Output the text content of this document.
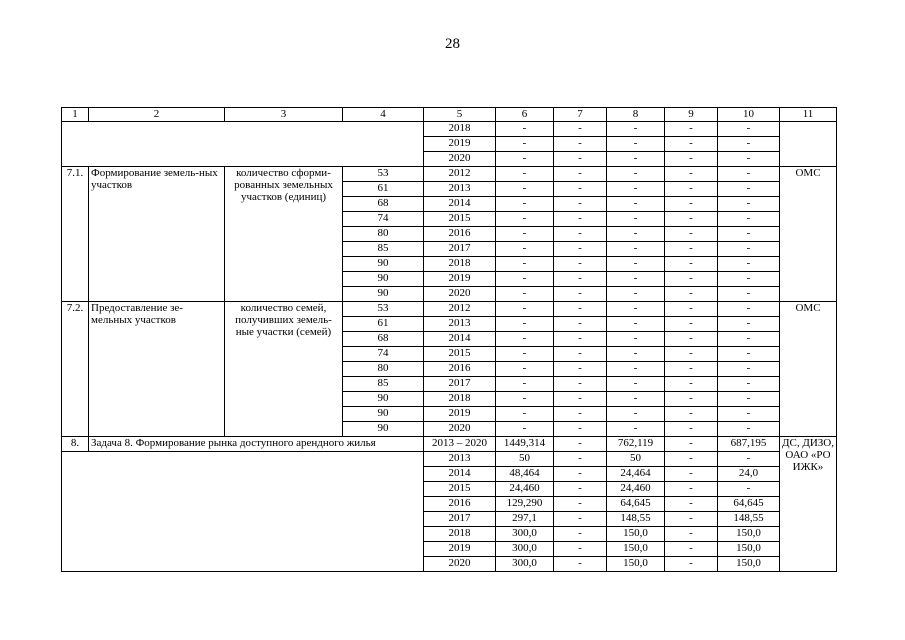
28
1	2	3	4	5	6	7	8	9	10	11
				2018	-	-	-	-	-	
				2019	-	-	-	-	-	
				2020	-	-	-	-	-	
7.1.	Формирование земель-ных участков	количество сформи-рованных земельных участков (единиц)	53	2012	-	-	-	-	-	ОМС
			61	2013	-	-	-	-	-	
			68	2014	-	-	-	-	-	
			74	2015	-	-	-	-	-	
			80	2016	-	-	-	-	-	
			85	2017	-	-	-	-	-	
			90	2018	-	-	-	-	-	
			90	2019	-	-	-	-	-	
			90	2020	-	-	-	-	-	
7.2.	Предоставление зе-мельных участков	количество семей, получивших земель-ные участки (семей)	53	2012	-	-	-	-	-	ОМС
			61	2013	-	-	-	-	-	
			68	2014	-	-	-	-	-	
			74	2015	-	-	-	-	-	
			80	2016	-	-	-	-	-	
			85	2017	-	-	-	-	-	
			90	2018	-	-	-	-	-	
			90	2019	-	-	-	-	-	
			90	2020	-	-	-	-	-	
8.	Задача 8. Формирование рынка доступного арендного жилья			2013 – 2020	1449,314	-	762,119	-	687,195	ДС, ДИЗО, ОАО «РО ИЖК»
				2013	50	-	50	-	-	
				2014	48,464	-	24,464	-	24,0	
				2015	24,460	-	24,460	-	-	
				2016	129,290	-	64,645	-	64,645	
				2017	297,1	-	148,55	-	148,55	
				2018	300,0	-	150,0	-	150,0	
				2019	300,0	-	150,0	-	150,0	
				2020	300,0	-	150,0	-	150,0	
